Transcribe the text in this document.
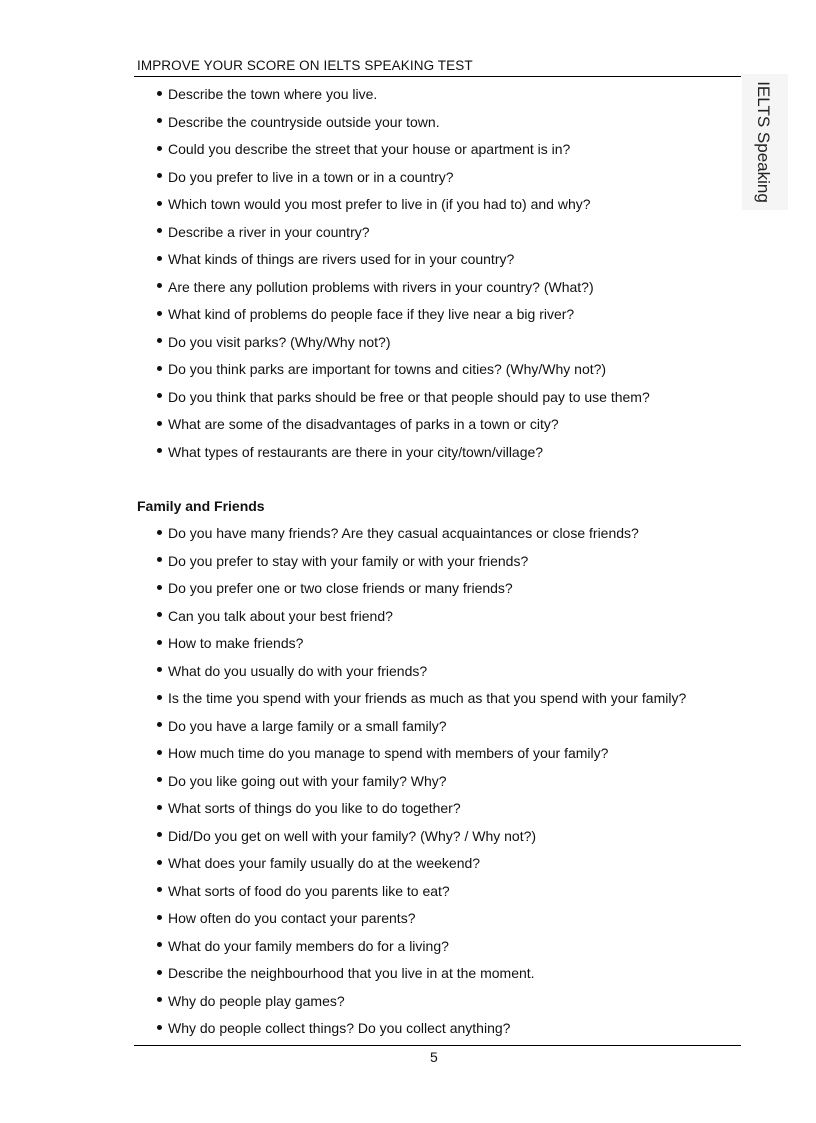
IMPROVE YOUR SCORE ON IELTS SPEAKING TEST
IELTS Speaking
Describe the town where you live.
Describe the countryside outside your town.
Could you describe the street that your house or apartment is in?
Do you prefer to live in a town or in a country?
Which town would you most prefer to live in (if you had to) and why?
Describe a river in your country?
What kinds of things are rivers used for in your country?
Are there any pollution problems with rivers in your country? (What?)
What kind of problems do people face if they live near a big river?
Do you visit parks? (Why/Why not?)
Do you think parks are important for towns and cities? (Why/Why not?)
Do you think that parks should be free or that people should pay to use them?
What are some of the disadvantages of parks in a town or city?
What types of restaurants are there in your city/town/village?
Family and Friends
Do you have many friends? Are they casual acquaintances or close friends?
Do you prefer to stay with your family or with your friends?
Do you prefer one or two close friends or many friends?
Can you talk about your best friend?
How to make friends?
What do you usually do with your friends?
Is the time you spend with your friends as much as that you spend with your family?
Do you have a large family or a small family?
How much time do you manage to spend with members of your family?
Do you like going out with your family? Why?
What sorts of things do you like to do together?
Did/Do you get on well with your family? (Why? / Why not?)
What does your family usually do at the weekend?
What sorts of food do you parents like to eat?
How often do you contact your parents?
What do your family members do for a living?
Describe the neighbourhood that you live in at the moment.
Why do people play games?
Why do people collect things? Do you collect anything?
5
